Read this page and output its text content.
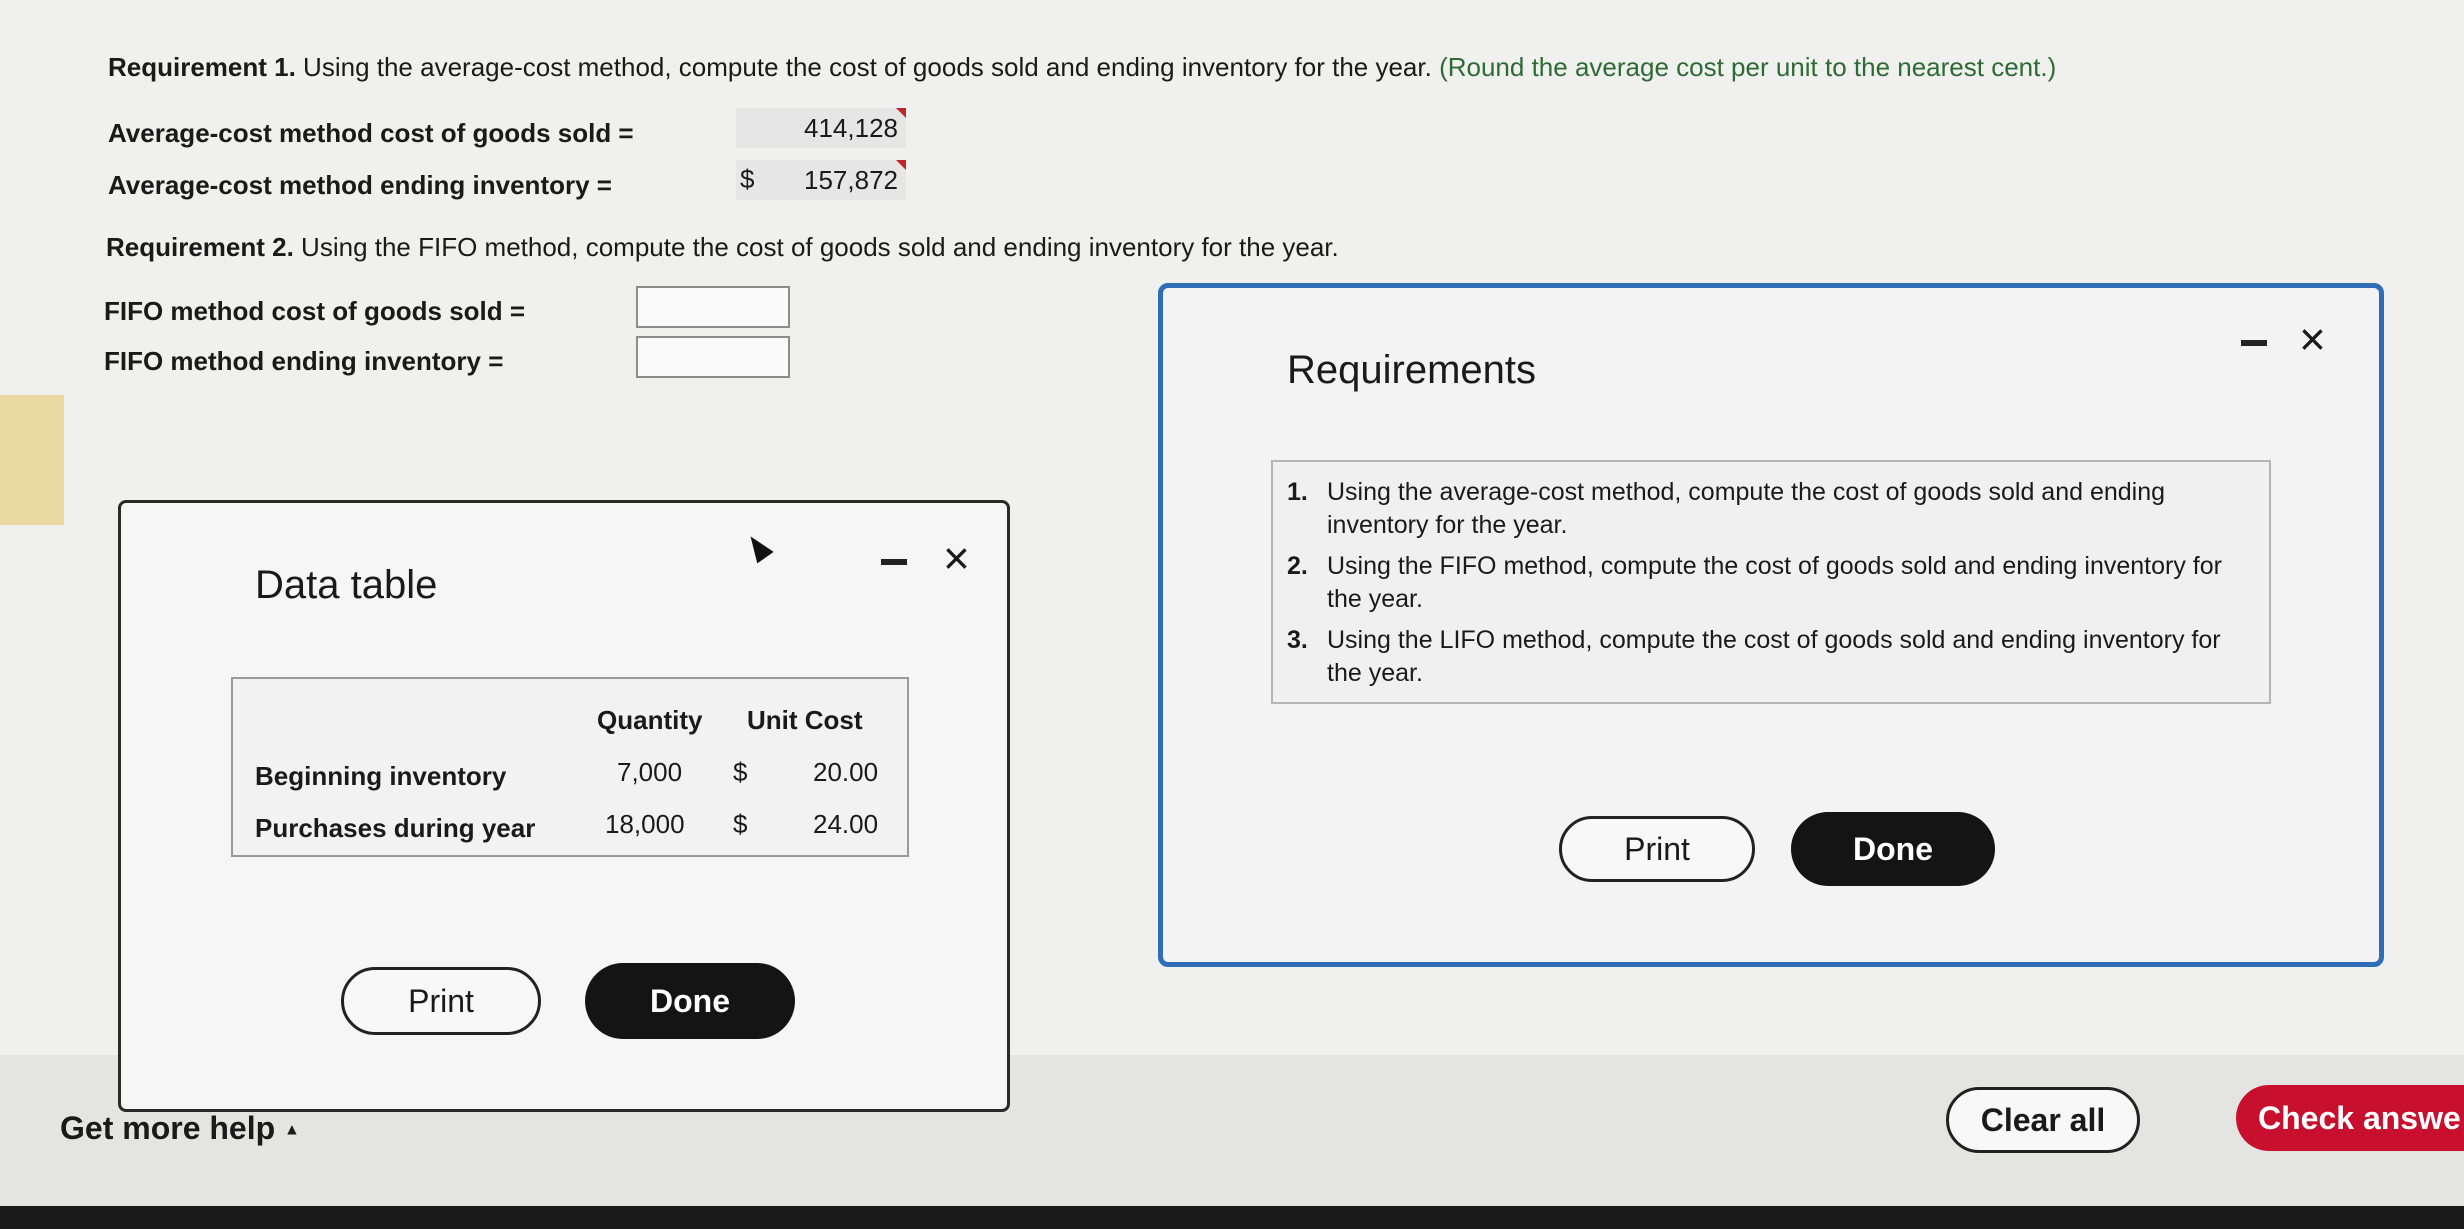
Requirement 1. Using the average-cost method, compute the cost of goods sold and ending inventory for the year. (Round the average cost per unit to the nearest cent.)
Average-cost method cost of goods sold =	414,128
Average-cost method ending inventory =	157,872
$
Requirement 2. Using the FIFO method, compute the cost of goods sold and ending inventory for the year.
FIFO method cost of goods sold =
FIFO method ending inventory =
Data table
×
Quantity Unit Cost
Beginning inventory	7,000 $	20.00
Purchases during year	18,000 $	24.00
Print	Done
Requirements
×
1. Using the average-cost method, compute the cost of goods sold and ending inventory for the year.
2. Using the FIFO method, compute the cost of goods sold and ending inventory for the year.
3. Using the LIFO method, compute the cost of goods sold and ending inventory for the year.
Print	Done
Get more help ▲	Clear all	Check answe
